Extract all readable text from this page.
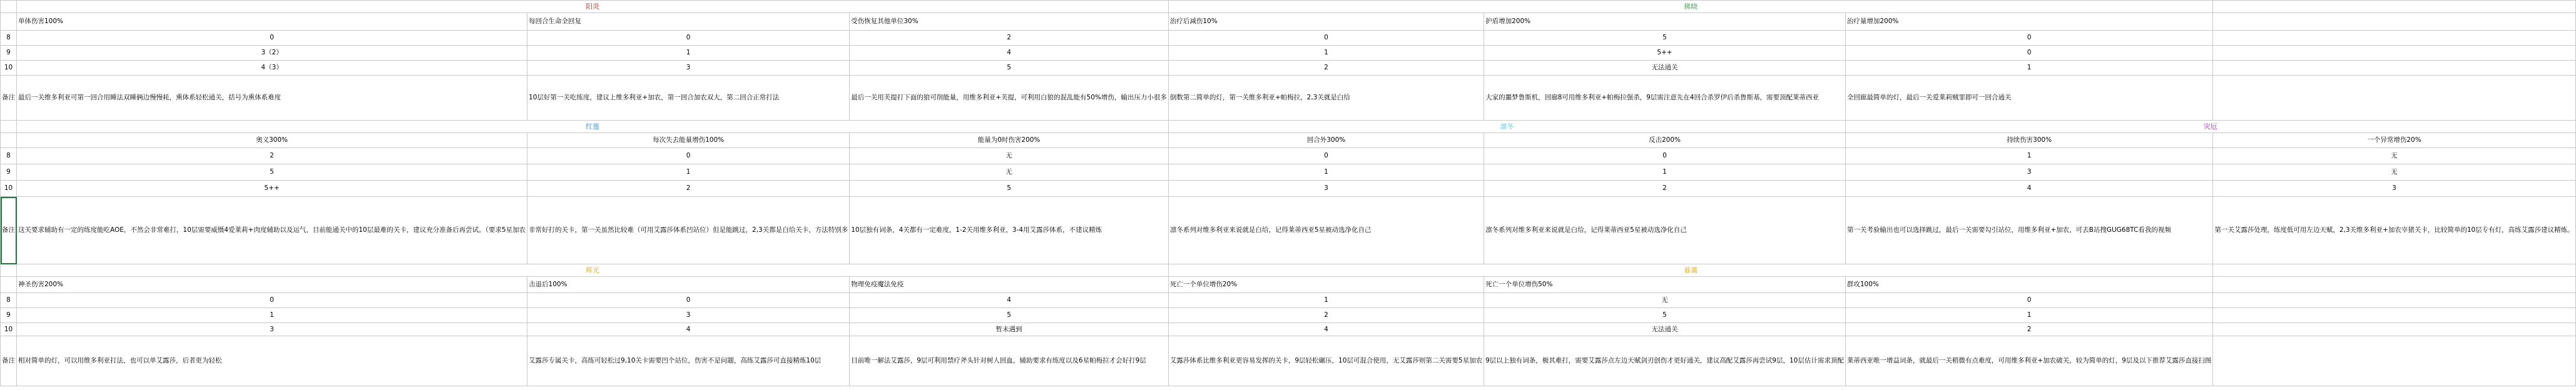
	阳炎			拂晓			
	单体伤害100%	每回合生命全回复	受伤恢复其他单位30%	治疗后减伤10%	护盾增加200%	治疗量增加200%	
8	0	0	2	0	5	0	
9	3（2）	1	4	1	5++	0	
10	4（3）	3	5	2	无法通关	1	
备注	最后一关维多利亚可第一回合用睡法双睡俩边慢慢耗，熏体系轻松通关，括号为熏体系难度	10层好第一关吃练度，建议上维多利亚+加农，第一回合加农双大，第二回合正常打法	最后一关用芙提打下面的狼可削能量，用维多利亚+芙提，可利用白狼的混乱能有50%增伤，输出压力小很多	倒数第二简单的灯，第一关维多利亚+帕梅拉，2,3关就是白给	大家的噩梦鲁斯机，回廊8可用维多利亚+帕梅拉强杀，9层需注意先在4回合杀罗伊后杀鲁斯基，需要顶配莱蒂西亚	全回廊最简单的灯，最后一关爱莱莉贼罪即可一回合通关	
	红莲			凛冬		灾厄	
	奥义300%	每次失去能量增伤100%	能量为0时伤害200%	回合外300%	反击200%	持续伤害300%	一个异常增伤20%
8	2	0	无	0	0	1	无
9	5	1	无	1	1	3	无
10	5++	2	5	3	2	4	3
备注	这关要求辅助有一定的练度能吃AOE，不然会非常难打，10层需要威慑4爱莱莉+肉度辅助以及运气，目前能通关中的10层最难的关卡，建议充分准备后再尝试。（要求5星加农	非常好打的关卡，第一关虽然比较难（可用艾露莎体系凹站位）但是能跳过，2,3关都是白给关卡，方法特别多	10层独有词条，4关都有一定难度，1-2关用维多利亚，3-4用艾露莎体系，不建议精炼	凛冬系列对维多利亚来说就是白给，记得莱蒂西亚5星被动选净化自己	凛冬系列对维多利亚来说就是白给，记得莱蒂西亚5星被动选净化自己	第一关考验输出也可以选择跳过，最后一关需要勾引站位，用维多利亚+加农，可去B站搜GUG68TC看我的视频	第一关艾露莎处理，练度低可用左边天赋，2,3关维多利亚+加农宰猪关卡，比较简单的10层专有灯，高练艾露莎建议精炼。
	辉光			暮霭			
	神圣伤害200%	击退后100%	物理免疫魔法免疫	死亡一个单位增伤20%	死亡一个单位增伤50%	群攻100%	
8	0	0	4	1	无	0	
9	1	3	5	2	5	1	
10	3	4	暂未遇到	4	无法通关	2	
备注	相对简单的灯，可以用维多利亚打法，也可以单艾露莎，后者更为轻松	艾露莎专属关卡，高练可轻松过9,10关卡需要凹个站位，伤害不是问题，高练艾露莎可直接精炼10层	目前唯一解法艾露莎，9层可利用禁疗斧头针对树人回血，辅助要求有练度以及6星帕梅拉才会好打9层	艾露莎体系比维多利亚更容易发挥的关卡，9层轻松碾压，10层可混合使用，无艾露莎则第二关需要5星加农	9层以上独有词条，极其难打，需要艾露莎点左边天赋剑刃创伤才更好通关，建议高配艾露莎再尝试9层，10层估计需求顶配	莱蒂西亚唯一增益词条，就最后一关稍微有点难度，可用维多利亚+加农破关，较为简单的灯，9层及以下推荐艾露莎直接扫图	
